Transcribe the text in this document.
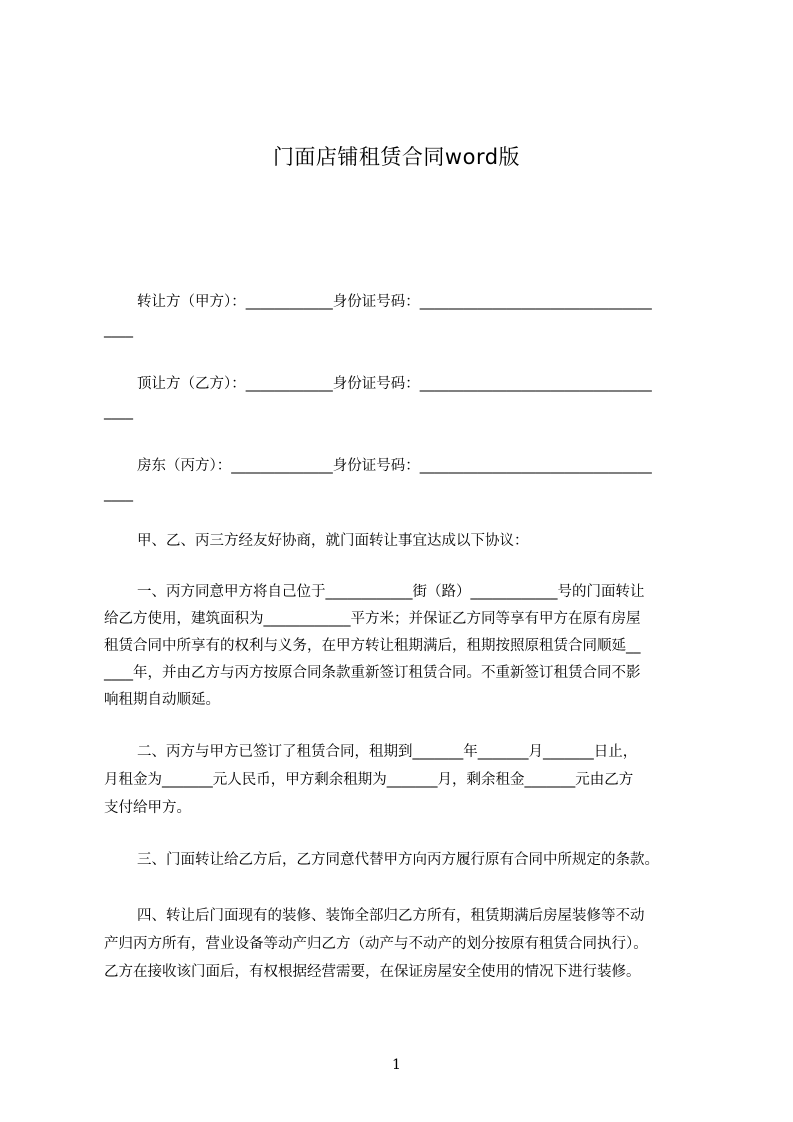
门面店铺租赁合同word版
转让方（甲方）：____________身份证号码：________________________________
____
顶让方（乙方）：____________身份证号码：________________________________
____
房东（丙方）：______________身份证号码：________________________________
____
甲、乙、丙三方经友好协商，就门面转让事宜达成以下协议：
一、丙方同意甲方将自己位于____________街（路）____________号的门面转让
给乙方使用，建筑面积为____________平方米；并保证乙方同等享有甲方在原有房屋
租赁合同中所享有的权利与义务，在甲方转让租期满后，租期按照原租赁合同顺延__
____年，并由乙方与丙方按原合同条款重新签订租赁合同。不重新签订租赁合同不影
响租期自动顺延。
二、丙方与甲方已签订了租赁合同，租期到_______年_______月_______日止，
月租金为_______元人民币，甲方剩余租期为_______月，剩余租金_______元由乙方
支付给甲方。
三、门面转让给乙方后，乙方同意代替甲方向丙方履行原有合同中所规定的条款。
四、转让后门面现有的装修、装饰全部归乙方所有，租赁期满后房屋装修等不动
产归丙方所有，营业设备等动产归乙方（动产与不动产的划分按原有租赁合同执行）。
乙方在接收该门面后，有权根据经营需要，在保证房屋安全使用的情况下进行装修。
1
